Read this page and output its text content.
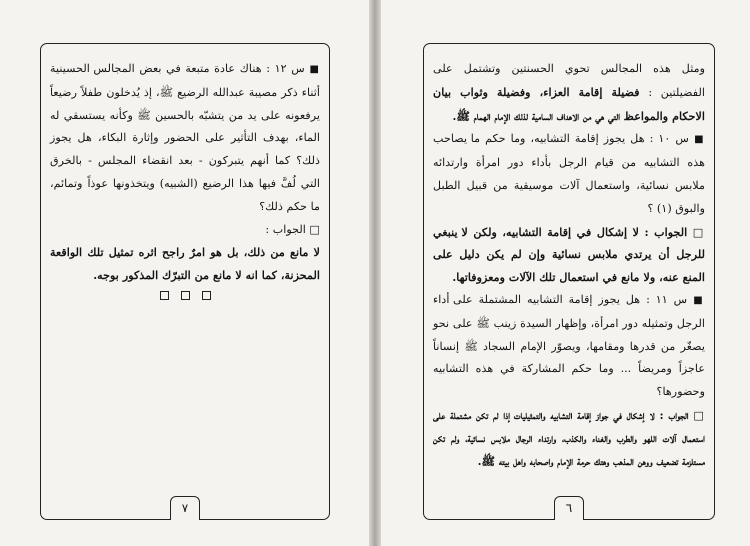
■ س ١٢ : هناك عادة متبعة في بعض المجالس الحسينية أثناء ذكر مصيبة عبدالله الرضيع ﷺ، إذ يُدخلون طفلاً رضيعاً يرفعونه على يد من يتشبّه بالحسين ﷺ وكأنه يستسقي له الماء، بهدف التأثير على الحضور وإثارة البكاء، هل يجوز ذلك؟ كما أنهم يتبركون - بعد انقضاء المجلس - بالخرق التي لُفَّ فيها هذا الرضيع (الشبيه) ويتخذونها عوذاً وتمائم، ما حكم ذلك؟
□ الجواب :
لا مانع من ذلك، بل هو امرٌ راجح اثره تمثيل تلك الواقعة المحزنة، كما انه لا مانع من التبرّك المذكور بوجه.
٧
ومثل هذه المجالس تحوي الحسنتين وتشتمل على الفضيلتين : فضيلة إقامة العزاء، وفضيلة وثواب بيان الاحكام والمواعظ التي هي من الاهداف السامية لذلك الإمام الهمام ﷺ.
■ س ١٠ : هل يجوز إقامة التشابيه، وما حكم ما يصاحب هذه التشابيه من قيام الرجل بأداء دور امرأة وارتدائه ملابس نسائية، واستعمال آلات موسيقية من قبيل الطبل والبوق (١) ؟
□ الجواب : لا إشكال في إقامة التشابيه، ولكن لا ينبغي للرجل أن يرتدي ملابس نسائية وإن لم يكن دليل على المنع عنه، ولا مانع في استعمال تلك الآلات ومعزوفاتها.
■ س ١١ : هل يجوز إقامة التشابيه المشتملة على أداء الرجل وتمثيله دور امرأة، وإظهار السيدة زينب ﷺ على نحو يصغّر من قدرها ومقامها، ويصوّر الإمام السجاد ﷺ إنساناً عاجزاً ومريضاً ... وما حكم المشاركة في هذه التشابيه وحضورها؟
□ الجواب : لا إشكال في جواز إقامة التشابيه والتمثيليات إذا لم تكن مشتملة على استعمال آلات اللهو والطرب والغناء والكذب، وارتداء الرجال ملابس نسائية، ولم تكن مستلزمة تضعيف ووهن المذهب وهتك حرمة الإمام واصحابه واهل بيته ﷺ.
٦
